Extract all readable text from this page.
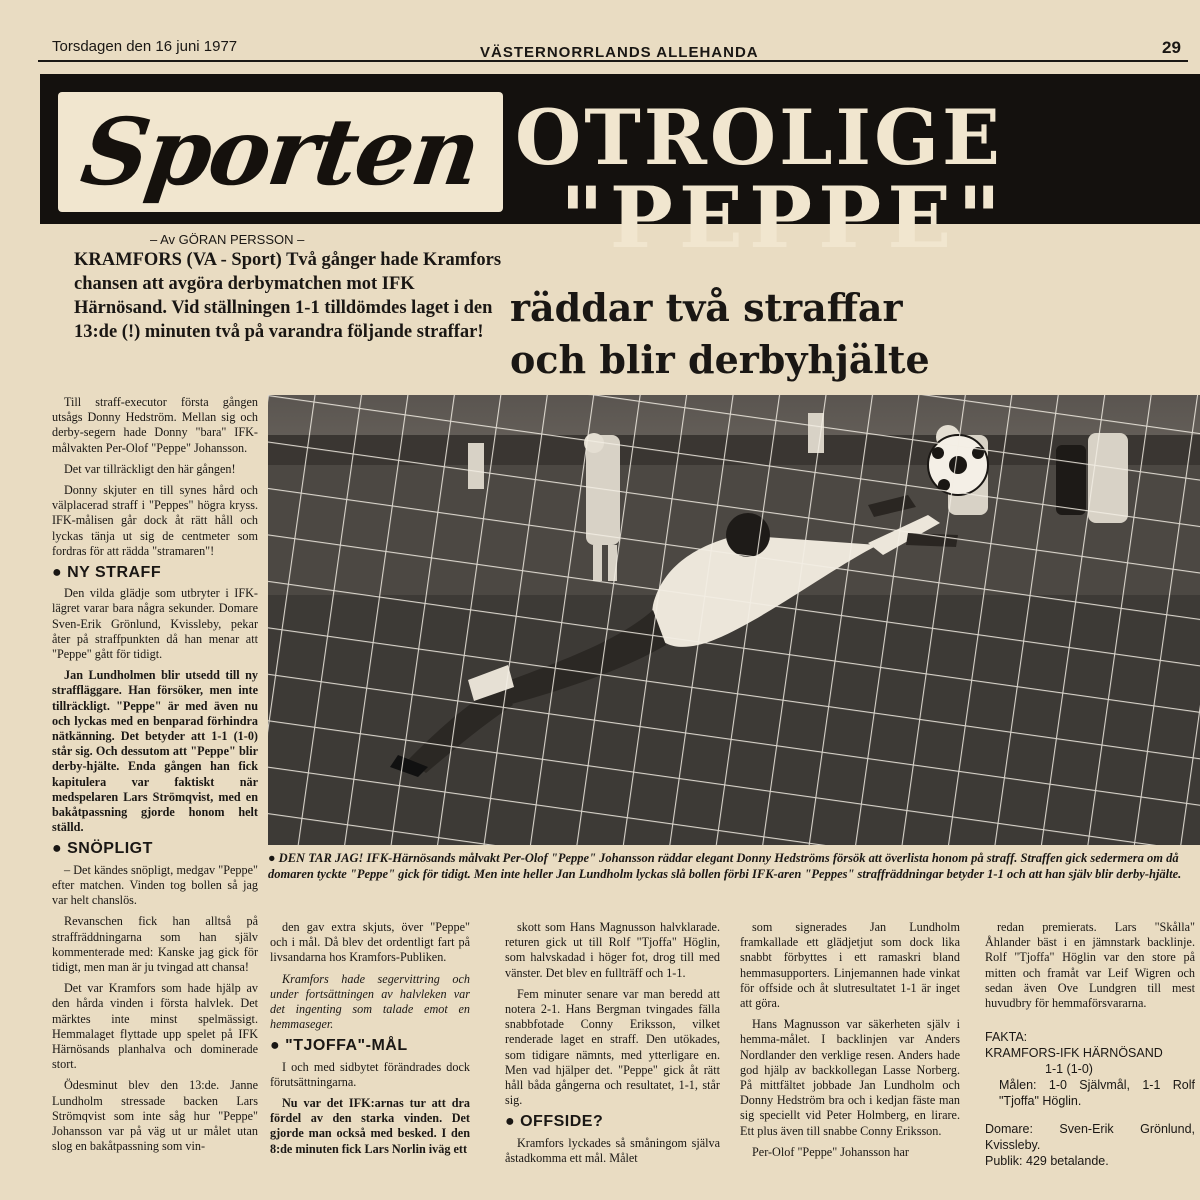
Torsdagen den 16 juni 1977	VÄSTERNORRLANDS ALLEHANDA	29
Sporten OTROLIGE
"PEPPE"
– Av GÖRAN PERSSON –
KRAMFORS (VA - Sport) Två gånger hade Kramfors chansen att avgöra derbymatchen mot IFK Härnösand. Vid ställningen 1-1 tilldömdes laget i den 13:de (!) minuten två på varandra följande straffar!
räddar två straffar
och blir derbyhjälte

Till straff-executor första gången utsågs Donny Hedström. Mellan sig och derby-segern hade Donny "bara" IFK-målvakten Per-Olof "Peppe" Johansson.

Det var tillräckligt den här gången!

Donny skjuter en till synes hård och välplacerad straff i "Peppes" högra kryss. IFK-målisen går dock åt rätt håll och lyckas tänja ut sig de centmeter som fordras för att rädda "stramaren"!

● NY STRAFF

Den vilda glädje som utbryter i IFK-lägret varar bara några sekunder. Domare Sven-Erik Grönlund, Kvissleby, pekar åter på straffpunkten då han menar att "Peppe" gått för tidigt.

Jan Lundholmen blir utsedd till ny straffläggare. Han försöker, men inte tillräckligt. "Peppe" är med även nu och lyckas med en benparad förhindra nätkänning. Det betyder att 1-1 (1-0) står sig. Och dessutom att "Peppe" blir derby-hjälte. Enda gången han fick kapitulera var faktiskt när medspelaren Lars Strömqvist, med en bakåtpassning gjorde honom helt ställd.

● SNÖPLIGT

– Det kändes snöpligt, medgav "Peppe" efter matchen. Vinden tog bollen så jag var helt chanslös.

Revanschen fick han alltså på straffräddningarna som han själv kommenterade med: Kanske jag gick för tidigt, men man är ju tvingad att chansa!

Det var Kramfors som hade hjälp av den hårda vinden i första halvlek. Det märktes inte minst spelmässigt. Hemmalaget flyttade upp spelet på IFK Härnösands planhalva och dominerade stort.

Ödesminut blev den 13:de. Janne Lundholm stressade backen Lars Strömqvist som inte såg hur "Peppe" Johansson var på väg ut ur målet utan slog en bakåtpassning som vin-

● DEN TAR JAG! IFK-Härnösands målvakt Per-Olof "Peppe" Johansson räddar elegant Donny Hedströms försök att överlista honom på straff. Straffen gick sedermera om då domaren tyckte "Peppe" gick för tidigt. Men inte heller Jan Lundholm lyckas slå bollen förbi IFK-aren "Peppes" straffräddningar betyder 1-1 och att han själv blir derby-hjälte.

den gav extra skjuts, över "Peppe" och i mål. Då blev det ordentligt fart på livsandarna hos Kramfors-Publiken.

Kramfors hade segervittring och under fortsättningen av halvleken var det ingenting som talade emot en hemmaseger.

● "TJOFFA"-MÅL

I och med sidbytet förändrades dock förutsättningarna.

Nu var det IFK:arnas tur att dra fördel av den starka vinden. Det gjorde man också med besked. I den 8:de minuten fick Lars Norlin iväg ett

skott som Hans Magnusson halvklarade. returen gick ut till Rolf "Tjoffa" Höglin, som halvskadad i höger fot, drog till med vänster. Det blev en fullträff och 1-1.

Fem minuter senare var man beredd att notera 2-1. Hans Bergman tvingades fälla snabbfotade Conny Eriksson, vilket renderade laget en straff. Den utökades, som tidigare nämnts, med ytterligare en. Men vad hjälper det. "Peppe" gick åt rätt håll båda gångerna och resultatet, 1-1, står sig.

● OFFSIDE?

Kramfors lyckades så småningom själva åstadkomma ett mål. Målet

som signerades Jan Lundholm framkallade ett glädjetjut som dock lika snabbt förbyttes i ett ramaskri bland hemmasupporters. Linjemannen hade vinkat för offside och åt slutresultatet 1-1 är inget att göra.

Hans Magnusson var säkerheten själv i hemma-målet. I backlinjen var Anders Nordlander den verklige resen. Anders hade god hjälp av backkollegan Lasse Norberg. På mittfältet jobbade Jan Lundholm och Donny Hedström bra och i kedjan fäste man sig speciellt vid Peter Holmberg, en lirare. Ett plus även till snabbe Conny Eriksson.

Per-Olof "Peppe" Johansson har

redan premierats. Lars "Skålla" Åhlander bäst i en jämnstark backlinje. Rolf "Tjoffa" Höglin var den store på mitten och framåt var Leif Wigren och sedan även Ove Lundgren till mest huvudbry för hemmaförsvararna.

FAKTA:
KRAMFORS-IFK HÄRNÖSAND
1-1 (1-0)
Målen: 1-0 Självmål, 1-1 Rolf "Tjoffa" Höglin.
Domare: Sven-Erik Grönlund, Kvissleby.
Publik: 429 betalande.
